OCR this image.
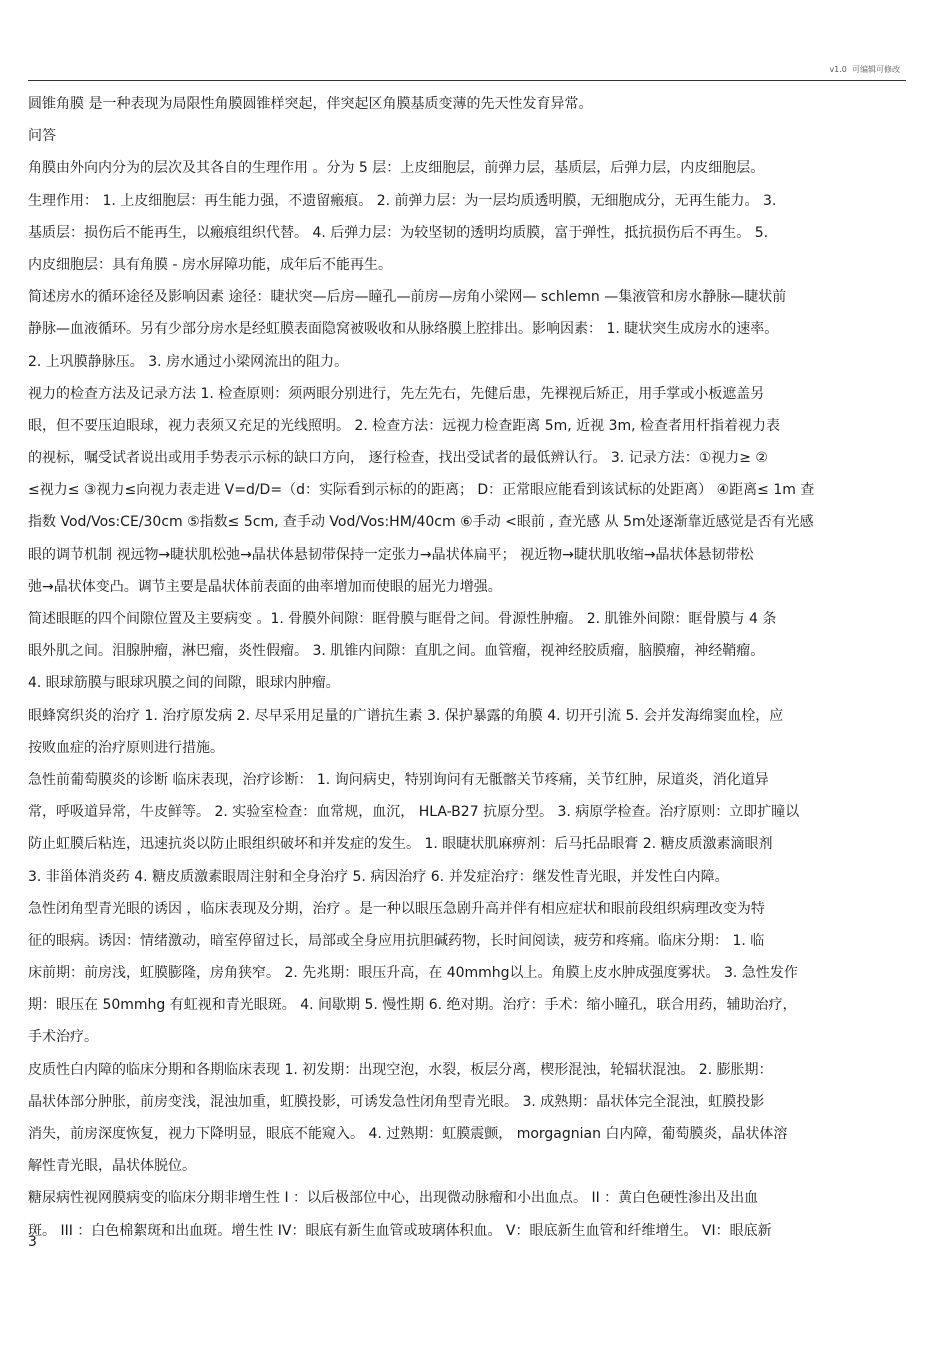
v1.0 可编辑可修改
圆锥角膜 是一种表现为局限性角膜圆锥样突起，伴突起区角膜基质变薄的先天性发育异常。
问答
角膜由外向内分为的层次及其各自的生理作用 。分为 5 层：上皮细胞层，前弹力层，基质层，后弹力层，内皮细胞层。
生理作用： 1. 上皮细胞层：再生能力强，不遗留瘢痕。 2. 前弹力层：为一层均质透明膜，无细胞成分，无再生能力。 3.
基质层：损伤后不能再生，以瘢痕组织代替。 4. 后弹力层：为较坚韧的透明均质膜，富于弹性，抵抗损伤后不再生。 5.
内皮细胞层：具有角膜 - 房水屏障功能，成年后不能再生。
简述房水的循环途径及影响因素 途径：睫状突—后房—瞳孔—前房—房角小梁网— schlemn —集液管和房水静脉—睫状前
静脉—血液循环。另有少部分房水是经虹膜表面隐窝被吸收和从脉络膜上腔排出。影响因素： 1. 睫状突生成房水的速率。
2. 上巩膜静脉压。 3. 房水通过小梁网流出的阻力。
视力的检查方法及记录方法 1. 检查原则：须两眼分别进行，先左先右，先健后患，先裸视后矫正，用手掌或小板遮盖另
眼，但不要压迫眼球，视力表须又充足的光线照明。 2. 检查方法：远视力检查距离 5m, 近视 3m, 检查者用杆指着视力表
的视标，嘱受试者说出或用手势表示示标的缺口方向， 逐行检查，找出受试者的最低辨认行。 3. 记录方法：①视力≥ ②
≤视力≤ ③视力≤向视力表走进 V=d/D=（d：实际看到示标的的距离； D：正常眼应能看到该试标的处距离） ④距离≤ 1m 查
指数 Vod/Vos:CE/30cm ⑤指数≤ 5cm, 查手动 Vod/Vos:HM/40cm ⑥手动 <眼前 , 查光感 从 5m处逐渐靠近感觉是否有光感
眼的调节机制 视远物→睫状肌松弛→晶状体悬韧带保持一定张力→晶状体扁平； 视近物→睫状肌收缩→晶状体悬韧带松
弛→晶状体变凸。调节主要是晶状体前表面的曲率增加而使眼的屈光力增强。
简述眼眶的四个间隙位置及主要病变 。1. 骨膜外间隙：眶骨膜与眶骨之间。骨源性肿瘤。 2. 肌锥外间隙：眶骨膜与 4 条
眼外肌之间。泪腺肿瘤，淋巴瘤，炎性假瘤。 3. 肌锥内间隙：直肌之间。血管瘤，视神经胶质瘤，脑膜瘤，神经鞘瘤。
4. 眼球筋膜与眼球巩膜之间的间隙，眼球内肿瘤。
眼蜂窝织炎的治疗 1. 治疗原发病 2. 尽早采用足量的广谱抗生素 3. 保护暴露的角膜 4. 切开引流 5. 会并发海绵窦血栓，应
按败血症的治疗原则进行措施。
急性前葡萄膜炎的诊断 临床表现，治疗诊断： 1. 询问病史，特别询问有无骶髂关节疼痛，关节红肿，尿道炎，消化道异
常，呼吸道异常，牛皮鲜等。 2. 实验室检查：血常规，血沉， HLA-B27 抗原分型。 3. 病原学检查。治疗原则：立即扩瞳以
防止虹膜后粘连，迅速抗炎以防止眼组织破坏和并发症的发生。 1. 眼睫状肌麻痹剂：后马托品眼膏 2. 糖皮质激素滴眼剂
3. 非甾体消炎药 4. 糖皮质激素眼周注射和全身治疗 5. 病因治疗 6. 并发症治疗：继发性青光眼，并发性白内障。
急性闭角型青光眼的诱因 ，临床表现及分期，治疗 。是一种以眼压急剧升高并伴有相应症状和眼前段组织病理改变为特
征的眼病。诱因：情绪激动，暗室停留过长，局部或全身应用抗胆碱药物，长时间阅读，疲劳和疼痛。临床分期： 1. 临
床前期：前房浅，虹膜膨隆，房角狭窄。 2. 先兆期：眼压升高，在 40mmhg以上。角膜上皮水肿成强度雾状。 3. 急性发作
期：眼压在 50mmhg 有虹视和青光眼斑。 4. 间歇期 5. 慢性期 6. 绝对期。治疗：手术：缩小瞳孔，联合用药，辅助治疗，
手术治疗。
皮质性白内障的临床分期和各期临床表现 1. 初发期：出现空泡，水裂，板层分离，楔形混浊，轮辐状混浊。 2. 膨胀期：
晶状体部分肿胀，前房变浅，混浊加重，虹膜投影，可诱发急性闭角型青光眼。 3. 成熟期：晶状体完全混浊，虹膜投影
消失，前房深度恢复，视力下降明显，眼底不能窥入。 4. 过熟期：虹膜震颤， morgagnian 白内障，葡萄膜炎，晶状体溶
解性青光眼，晶状体脱位。
糖尿病性视网膜病变的临床分期非增生性 I ：以后极部位中心，出现微动脉瘤和小出血点。 II ：黄白色硬性渗出及出血
斑。 III ：白色棉絮斑和出血斑。增生性 IV：眼底有新生血管或玻璃体积血。 V：眼底新生血管和纤维增生。 VI：眼底新
3
